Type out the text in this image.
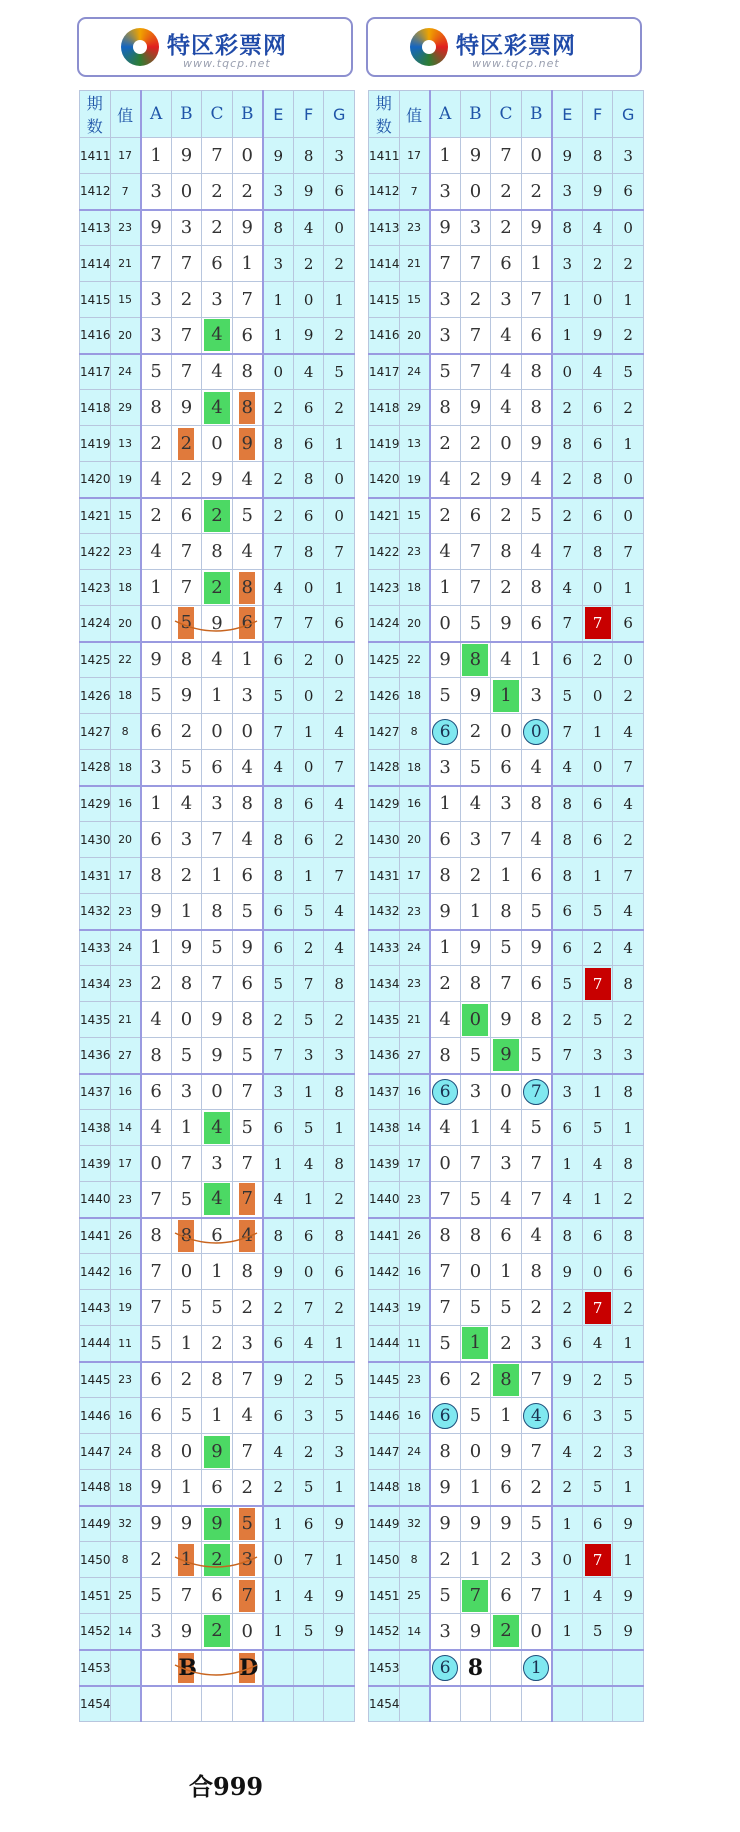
特区彩票网
www.tqcp.net
期数	值	A	B	C	B	E	F	G
1411	17	1	9	7	0	9	8	3
1412	7	3	0	2	2	3	9	6
1413	23	9	3	2	9	8	4	0
1414	21	7	7	6	1	3	2	2
1415	15	3	2	3	7	1	0	1
1416	20	3	7	4	6	1	9	2
1417	24	5	7	4	8	0	4	5
1418	29	8	9	4	8	2	6	2
1419	13	2	2	0	9	8	6	1
1420	19	4	2	9	4	2	8	0
1421	15	2	6	2	5	2	6	0
1422	23	4	7	8	4	7	8	7
1423	18	1	7	2	8	4	0	1
1424	20	0	5	9	6	7	7	6
1425	22	9	8	4	1	6	2	0
1426	18	5	9	1	3	5	0	2
1427	8	6	2	0	0	7	1	4
1428	18	3	5	6	4	4	0	7
1429	16	1	4	3	8	8	6	4
1430	20	6	3	7	4	8	6	2
1431	17	8	2	1	6	8	1	7
1432	23	9	1	8	5	6	5	4
1433	24	1	9	5	9	6	2	4
1434	23	2	8	7	6	5	7	8
1435	21	4	0	9	8	2	5	2
1436	27	8	5	9	5	7	3	3
1437	16	6	3	0	7	3	1	8
1438	14	4	1	4	5	6	5	1
1439	17	0	7	3	7	1	4	8
1440	23	7	5	4	7	4	1	2
1441	26	8	8	6	4	8	6	8
1442	16	7	0	1	8	9	0	6
1443	19	7	5	5	2	2	7	2
1444	11	5	1	2	3	6	4	1
1445	23	6	2	8	7	9	2	5
1446	16	6	5	1	4	6	3	5
1447	24	8	0	9	7	4	2	3
1448	18	9	1	6	2	2	5	1
1449	32	9	9	9	5	1	6	9
1450	8	2	1	2	3	0	7	1
1451	25	5	7	6	7	1	4	9
1452	14	3	9	2	0	1	5	9
1453			B		D			
1454								
合999
特区彩票网
www.tqcp.net
期数	值	A	B	C	B	E	F	G
1411	17	1	9	7	0	9	8	3
1412	7	3	0	2	2	3	9	6
1413	23	9	3	2	9	8	4	0
1414	21	7	7	6	1	3	2	2
1415	15	3	2	3	7	1	0	1
1416	20	3	7	4	6	1	9	2
1417	24	5	7	4	8	0	4	5
1418	29	8	9	4	8	2	6	2
1419	13	2	2	0	9	8	6	1
1420	19	4	2	9	4	2	8	0
1421	15	2	6	2	5	2	6	0
1422	23	4	7	8	4	7	8	7
1423	18	1	7	2	8	4	0	1
1424	20	0	5	9	6	7	7	6
1425	22	9	8	4	1	6	2	0
1426	18	5	9	1	3	5	0	2
1427	8	6	2	0	0	7	1	4
1428	18	3	5	6	4	4	0	7
1429	16	1	4	3	8	8	6	4
1430	20	6	3	7	4	8	6	2
1431	17	8	2	1	6	8	1	7
1432	23	9	1	8	5	6	5	4
1433	24	1	9	5	9	6	2	4
1434	23	2	8	7	6	5	7	8
1435	21	4	0	9	8	2	5	2
1436	27	8	5	9	5	7	3	3
1437	16	6	3	0	7	3	1	8
1438	14	4	1	4	5	6	5	1
1439	17	0	7	3	7	1	4	8
1440	23	7	5	4	7	4	1	2
1441	26	8	8	6	4	8	6	8
1442	16	7	0	1	8	9	0	6
1443	19	7	5	5	2	2	7	2
1444	11	5	1	2	3	6	4	1
1445	23	6	2	8	7	9	2	5
1446	16	6	5	1	4	6	3	5
1447	24	8	0	9	7	4	2	3
1448	18	9	1	6	2	2	5	1
1449	32	9	9	9	5	1	6	9
1450	8	2	1	2	3	0	7	1
1451	25	5	7	6	7	1	4	9
1452	14	3	9	2	0	1	5	9
1453		6	8		1			
1454								
